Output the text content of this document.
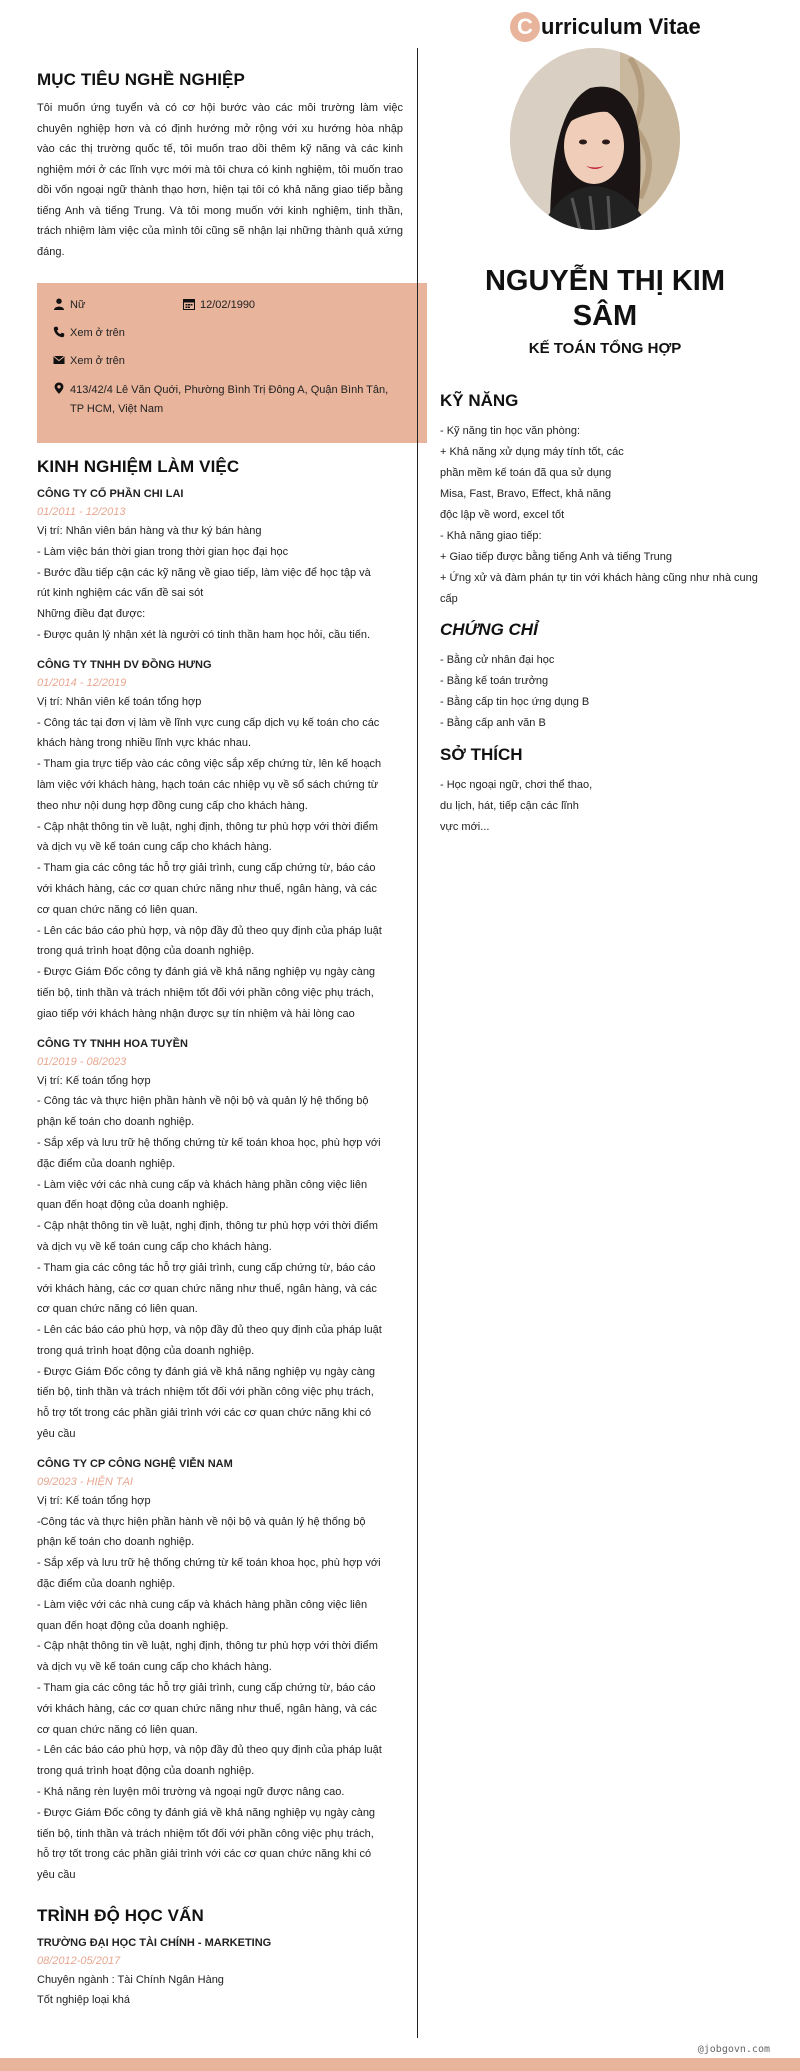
MỤC TIÊU NGHỀ NGHIỆP

Tôi muốn ứng tuyển và có cơ hội bước vào các môi trường làm việc chuyên nghiệp hơn và có định hướng mở rộng với xu hướng hòa nhập vào các thị trường quốc tế, tôi muốn trao dồi thêm kỹ năng và các kinh nghiệm mới ở các lĩnh vực mới mà tôi chưa có kinh nghiệm, tôi muốn trao dồi vốn ngoại ngữ thành thạo hơn, hiện tại tôi có khả năng giao tiếp bằng tiếng Anh và tiếng Trung. Và tôi mong muốn với kinh nghiệm, tinh thần, trách nhiệm làm việc của mình tôi cũng sẽ nhận lại những thành quả xứng đáng.

Nữ	12/02/1990
Xem ở trên
Xem ở trên
413/42/4 Lê Văn Quới, Phường Bình Trị Đông A, Quận Bình Tân, TP HCM, Việt Nam
KINH NGHIỆM LÀM VIỆC

CÔNG TY CỔ PHẦN CHI LAI

01/2011 - 12/2013

Vị trí: Nhân viên bán hàng và thư ký bán hàng
- Làm việc bán thời gian trong thời gian học đại học
- Bước đầu tiếp cận các kỹ năng về giao tiếp, làm việc để học tập và
rút kinh nghiệm các vấn đề sai sót
Những điều đạt được:
- Được quản lý nhận xét là người có tinh thần ham học hỏi, cầu tiến.

CÔNG TY TNHH DV ĐỒNG HƯNG

01/2014 - 12/2019

Vị trí: Nhân viên kế toán tổng hợp
- Công tác tại đơn vị làm về lĩnh vực cung cấp dịch vụ kế toán cho các
khách hàng trong nhiều lĩnh vực khác nhau.
- Tham gia trực tiếp vào các công việc sắp xếp chứng từ, lên kế hoạch
làm việc với khách hàng, hạch toán các nhiệp vụ về sổ sách chứng từ
theo như nội dung hợp đồng cung cấp cho khách hàng.
- Cập nhật thông tin về luật, nghị định, thông tư phù hợp với thời điểm
và dịch vụ về kế toán cung cấp cho khách hàng.
- Tham gia các công tác hỗ trợ giải trình, cung cấp chứng từ, báo cáo
với khách hàng, các cơ quan chức năng như thuế, ngân hàng, và các
cơ quan chức năng có liên quan.
- Lên các báo cáo phù hợp, và nộp đầy đủ theo quy định của pháp luật
trong quá trình hoạt động của doanh nghiệp.
- Được Giám Đốc công ty đánh giá về khả năng nghiệp vụ ngày càng
tiến bộ, tinh thần và trách nhiệm tốt đối với phần công việc phụ trách,
giao tiếp với khách hàng nhận được sự tín nhiệm và hài lòng cao

CÔNG TY TNHH HOA TUYỀN

01/2019 - 08/2023

Vị trí: Kế toán tổng hợp
- Công tác và thực hiện phần hành về nội bộ và quản lý hệ thống bộ
phận kế toán cho doanh nghiệp.
- Sắp xếp và lưu trữ hệ thống chứng từ kế toán khoa học, phù hợp với
đặc điểm của doanh nghiệp.
- Làm việc với các nhà cung cấp và khách hàng phần công việc liên
quan đến hoạt động của doanh nghiệp.
- Cập nhật thông tin về luật, nghị định, thông tư phù hợp với thời điểm
và dịch vụ về kế toán cung cấp cho khách hàng.
- Tham gia các công tác hỗ trợ giải trình, cung cấp chứng từ, báo cáo
với khách hàng, các cơ quan chức năng như thuế, ngân hàng, và các
cơ quan chức năng có liên quan.
- Lên các báo cáo phù hợp, và nộp đầy đủ theo quy định của pháp luật
trong quá trình hoạt động của doanh nghiệp.
- Được Giám Đốc công ty đánh giá về khả năng nghiệp vụ ngày càng
tiến bộ, tinh thần và trách nhiệm tốt đối với phần công việc phụ trách,
hỗ trợ tốt trong các phần giải trình với các cơ quan chức năng khi có
yêu cầu

CÔNG TY CP CÔNG NGHỆ VIỄN NAM

09/2023 - HIỆN TẠI

Vị trí: Kế toán tổng hợp
-Công tác và thực hiện phần hành về nội bộ và quản lý hệ thống bộ
phận kế toán cho doanh nghiệp.
- Sắp xếp và lưu trữ hệ thống chứng từ kế toán khoa học, phù hợp với
đặc điểm của doanh nghiệp.
- Làm việc với các nhà cung cấp và khách hàng phần công việc liên
quan đến hoạt động của doanh nghiệp.
- Cập nhật thông tin về luật, nghị định, thông tư phù hợp với thời điểm
và dịch vụ về kế toán cung cấp cho khách hàng.
- Tham gia các công tác hỗ trợ giải trình, cung cấp chứng từ, báo cáo
với khách hàng, các cơ quan chức năng như thuế, ngân hàng, và các
cơ quan chức năng có liên quan.
- Lên các báo cáo phù hợp, và nộp đầy đủ theo quy định của pháp luật
trong quá trình hoạt động của doanh nghiệp.
- Khả năng rèn luyện môi trường và ngoại ngữ được nâng cao.
- Được Giám Đốc công ty đánh giá về khả năng nghiệp vụ ngày càng
tiến bộ, tinh thần và trách nhiệm tốt đối với phần công việc phụ trách,
hỗ trợ tốt trong các phần giải trình với các cơ quan chức năng khi có
yêu cầu
TRÌNH ĐỘ HỌC VẤN

TRƯỜNG ĐẠI HỌC TÀI CHÍNH - MARKETING

08/2012-05/2017

Chuyên ngành : Tài Chính Ngân Hàng
Tốt nghiệp loại khá
C urriculum Vitae
NGUYỄN THỊ KIM
SÂM
KẾ TOÁN TỔNG HỢP
KỸ NĂNG
- Kỹ năng tin học văn phòng:
+ Khả năng xử dụng máy tính tốt, các
phần mềm kế toán đã qua sử dụng
Misa, Fast, Bravo, Effect, khả năng
độc lập về word, excel tốt
- Khả năng giao tiếp:
+ Giao tiếp được bằng tiếng Anh và tiếng Trung
+ Ứng xử và đàm phán tự tin với khách hàng cũng như nhà cung
cấp
CHỨNG CHỈ
- Bằng cử nhân đại học
- Bằng kế toán trưởng
- Bằng cấp tin học ứng dụng B
- Bằng cấp anh văn B
SỞ THÍCH
- Học ngoại ngữ, chơi thể thao,
du lịch, hát, tiếp cận các lĩnh
vực mới...
@jobgovn.com
